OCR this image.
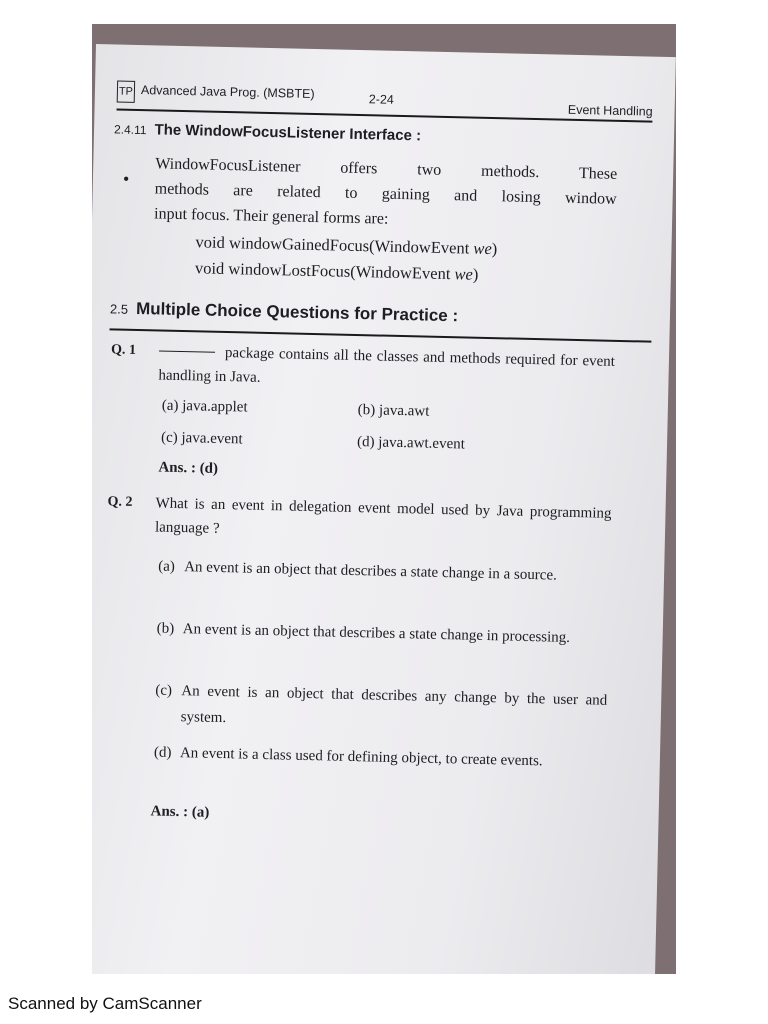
TP Advanced Java Prog. (MSBTE)	2-24
Event Handling
2.4.11 The WindowFocusListener Interface :
• WindowFocusListener offers two methods. These
methods are related to gaining and losing window
input focus. Their general forms are:
void windowGainedFocus(WindowEvent we)
void windowLostFocus(WindowEvent we)
2.5 Multiple Choice Questions for Practice :
Q. 1	package contains all the classes and methods required for event handling in Java.
(a) java.applet	(b) java.awt
(c) java.event	(d) java.awt.event
Ans. : (d)
Q. 2 What is an event in delegation event model used by Java programming language ?
(a) An event is an object that describes a state change in a source.
(b) An event is an object that describes a state change in processing.
(c) An event is an object that describes any change by the user and system.
(d) An event is a class used for defining object, to create events.
Ans. : (a)
Scanned by CamScanner
